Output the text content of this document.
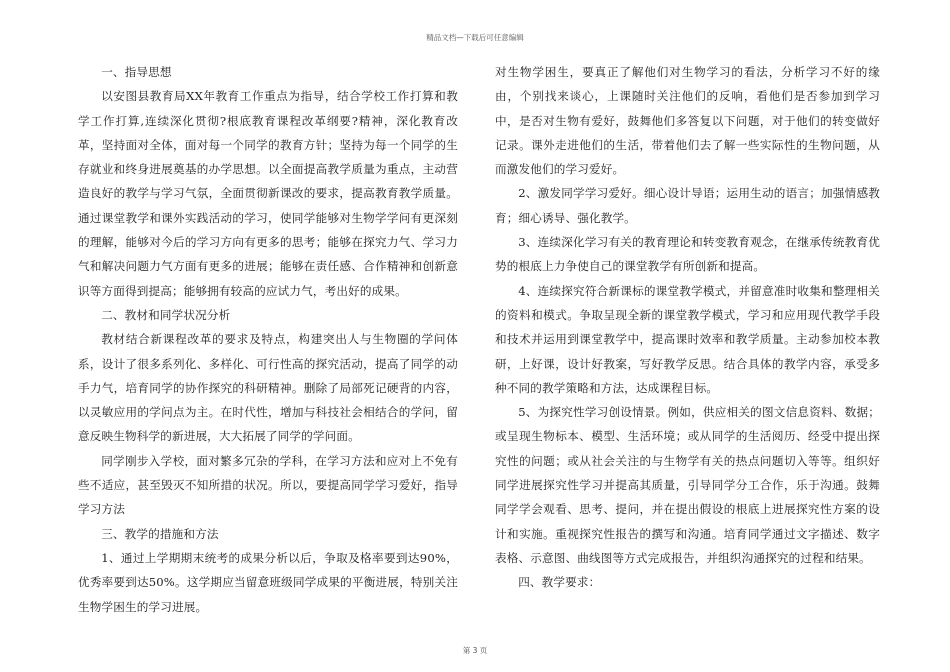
精品文档—下载后可任意编辑

一、指导思想

以安图县教育局XX年教育工作重点为指导，结合学校工作打算和教学工作打算,连续深化贯彻?根底教育课程改革纲要?精神，深化教育改革，坚持面对全体，面对每一个同学的教育方针；坚持为每一个同学的生存就业和终身进展奠基的办学思想。以全面提高教学质量为重点，主动营造良好的教学与学习气氛，全面贯彻新课改的要求，提高教育教学质量。通过课堂教学和课外实践活动的学习，使同学能够对生物学学问有更深刻的理解，能够对今后的学习方向有更多的思考；能够在探究力气、学习力气和解决问题力气方面有更多的进展；能够在责任感、合作精神和创新意识等方面得到提高；能够拥有较高的应试力气，考出好的成果。

二、教材和同学状况分析

教材结合新课程改革的要求及特点，构建突出人与生物圈的学问体系，设计了很多系列化、多样化、可行性高的探究活动，提高了同学的动手力气，培育同学的协作探究的科研精神。删除了局部死记硬背的内容，以灵敏应用的学问点为主。在时代性，增加与科技社会相结合的学问，留意反映生物科学的新进展，大大拓展了同学的学问面。

同学刚步入学校，面对繁多冗杂的学科，在学习方法和应对上不免有些不适应，甚至毁灭不知所措的状况。所以，要提高同学学习爱好，指导学习方法

三、教学的措施和方法

1、通过上学期期末统考的成果分析以后，争取及格率要到达90%，优秀率要到达50%。这学期应当留意班级同学成果的平衡进展，特别关注生物学困生的学习进展。

对生物学困生，要真正了解他们对生物学习的看法，分析学习不好的缘由，个别找来谈心，上课随时关注他们的反响，看他们是否参加到学习中，是否对生物有爱好，鼓舞他们多答复以下问题，对于他们的转变做好记录。课外走进他们的生活，带着他们去了解一些实际性的生物问题，从而激发他们的学习爱好。

2、激发同学学习爱好。细心设计导语；运用生动的语言；加强情感教育；细心诱导、强化教学。

3、连续深化学习有关的教育理论和转变教育观念，在继承传统教育优势的根底上力争使自己的课堂教学有所创新和提高。

4、连续探究符合新课标的课堂教学模式，并留意准时收集和整理相关的资料和模式。争取呈现全新的课堂教学模式，学习和应用现代教学手段和技术并运用到课堂教学中，提高课时效率和教学质量。主动参加校本教研，上好课，设计好教案，写好教学反思。结合具体的教学内容，承受多种不同的教学策略和方法，达成课程目标。

5、为探究性学习创设情景。例如，供应相关的图文信息资料、数据；或呈现生物标本、模型、生活环境；或从同学的生活阅历、经受中提出探究性的问题；或从社会关注的与生物学有关的热点问题切入等等。组织好同学进展探究性学习并提高其质量，引导同学分工合作，乐于沟通。鼓舞同学学会观看、思考、提问，并在提出假设的根底上进展探究性方案的设计和实施。重视探究性报告的撰写和沟通。培育同学通过文字描述、数字表格、示意图、曲线图等方式完成报告，并组织沟通探究的过程和结果。

四、教学要求：

第 3 页
